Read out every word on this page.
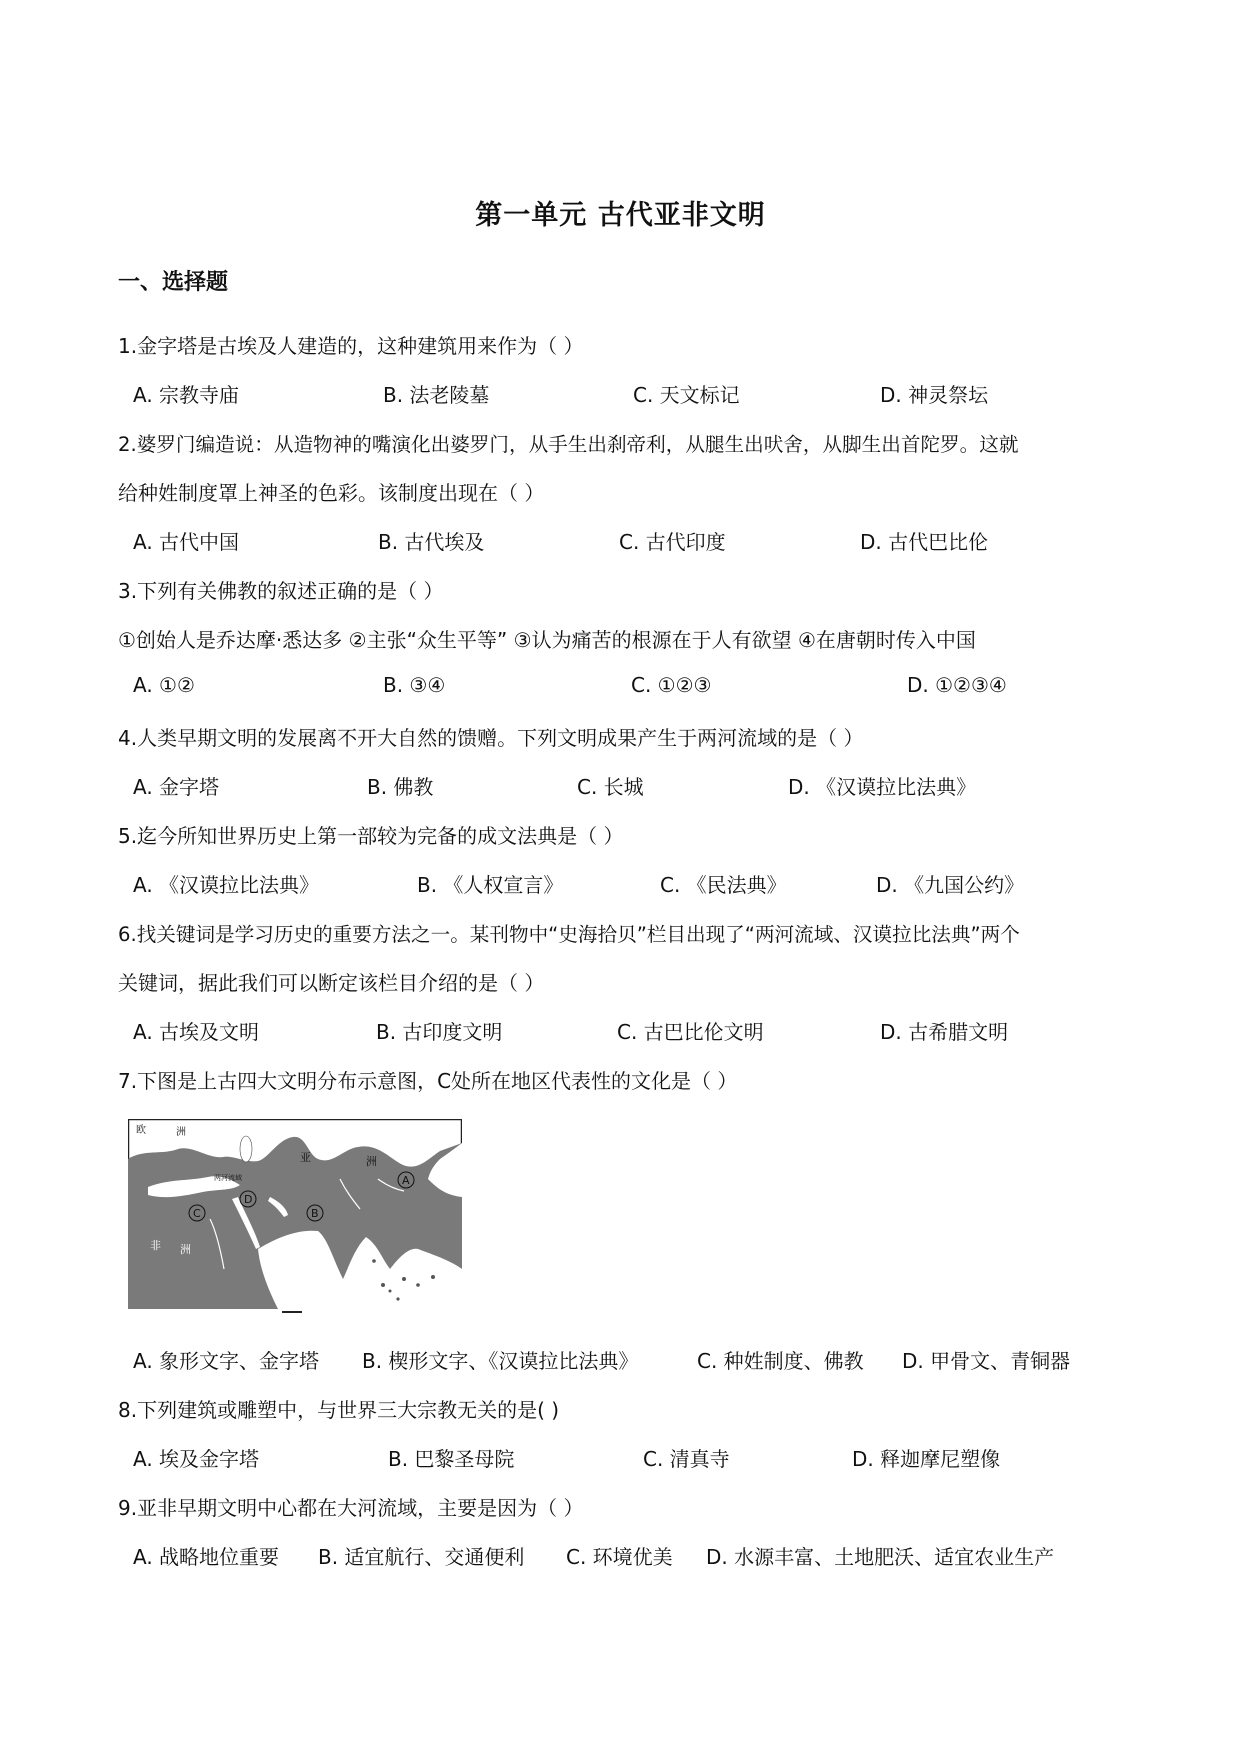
第一单元 古代亚非文明
一、选择题
1.金字塔是古埃及人建造的，这种建筑用来作为（ ）
A. 宗教寺庙	B. 法老陵墓	C. 天文标记	D. 神灵祭坛
2.婆罗门编造说：从造物神的嘴演化出婆罗门，从手生出刹帝利，从腿生出吠舍，从脚生出首陀罗。这就
给种姓制度罩上神圣的色彩。该制度出现在（ ）
A. 古代中国	B. 古代埃及	C. 古代印度	D. 古代巴比伦
3.下列有关佛教的叙述正确的是（ ）
①创始人是乔达摩·悉达多 ②主张“众生平等” ③认为痛苦的根源在于人有欲望 ④在唐朝时传入中国
A. ①②	B. ③④	C. ①②③	D. ①②③④
4.人类早期文明的发展离不开大自然的馈赠。下列文明成果产生于两河流域的是（ ）
A. 金字塔	B. 佛教	C. 长城	D. 《汉谟拉比法典》
5.迄今所知世界历史上第一部较为完备的成文法典是（ ）
A. 《汉谟拉比法典》	B. 《人权宣言》	C. 《民法典》	D. 《九国公约》
6.找关键词是学习历史的重要方法之一。某刊物中“史海拾贝”栏目出现了“两河流域、汉谟拉比法典”两个
关键词，据此我们可以断定该栏目介绍的是（ ）
A. 古埃及文明	B. 古印度文明	C. 古巴比伦文明	D. 古希腊文明
7.下图是上古四大文明分布示意图，C处所在地区代表性的文化是（ ）
欧	洲
亚	洲
非 洲
两河流域	A
B
C
D
A. 象形文字、金字塔 B. 楔形文字、《汉谟拉比法典》	C. 种姓制度、佛教 D. 甲骨文、青铜器
8.下列建筑或雕塑中，与世界三大宗教无关的是( )
A. 埃及金字塔	B. 巴黎圣母院	C. 清真寺	D. 释迦摩尼塑像
9.亚非早期文明中心都在大河流域，主要是因为（ ）
A. 战略地位重要 B. 适宜航行、交通便利 C. 环境优美 D. 水源丰富、土地肥沃、适宜农业生产
